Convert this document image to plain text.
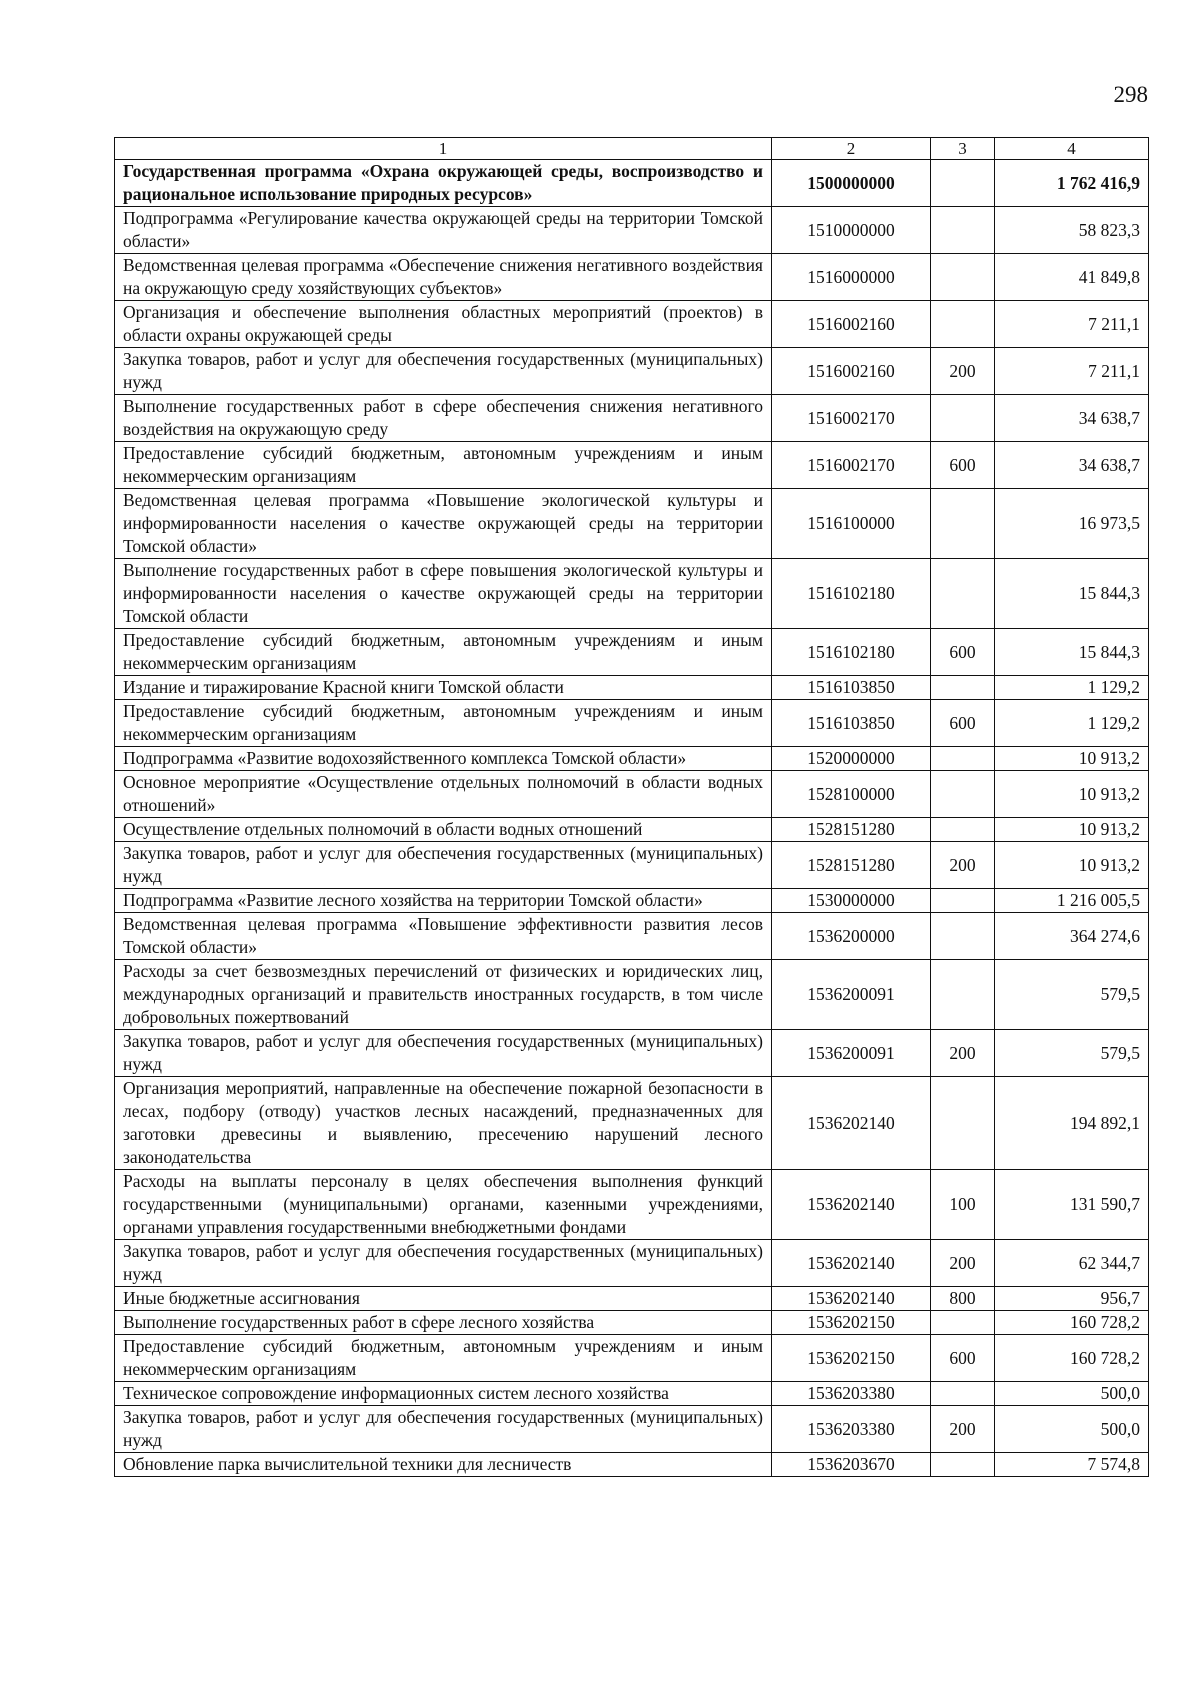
298
1	2	3	4
Государственная программа «Охрана окружающей среды, воспроизводство и рациональное использование природных ресурсов»	1500000000		1 762 416,9
Подпрограмма «Регулирование качества окружающей среды на территории Томской области»	1510000000		58 823,3
Ведомственная целевая программа «Обеспечение снижения негативного воздействия на окружающую среду хозяйствующих субъектов»	1516000000		41 849,8
Организация и обеспечение выполнения областных мероприятий (проектов) в области охраны окружающей среды	1516002160		7 211,1
Закупка товаров, работ и услуг для обеспечения государственных (муниципальных) нужд	1516002160	200	7 211,1
Выполнение государственных работ в сфере обеспечения снижения негативного воздействия на окружающую среду	1516002170		34 638,7
Предоставление субсидий бюджетным, автономным учреждениям и иным некоммерческим организациям	1516002170	600	34 638,7
Ведомственная целевая программа «Повышение экологической культуры и информированности населения о качестве окружающей среды на территории Томской области»	1516100000		16 973,5
Выполнение государственных работ в сфере повышения экологической культуры и информированности населения о качестве окружающей среды на территории Томской области	1516102180		15 844,3
Предоставление субсидий бюджетным, автономным учреждениям и иным некоммерческим организациям	1516102180	600	15 844,3
Издание и тиражирование Красной книги Томской области	1516103850		1 129,2
Предоставление субсидий бюджетным, автономным учреждениям и иным некоммерческим организациям	1516103850	600	1 129,2
Подпрограмма «Развитие водохозяйственного комплекса Томской области»	1520000000		10 913,2
Основное мероприятие «Осуществление отдельных полномочий в области водных отношений»	1528100000		10 913,2
Осуществление отдельных полномочий в области водных отношений	1528151280		10 913,2
Закупка товаров, работ и услуг для обеспечения государственных (муниципальных) нужд	1528151280	200	10 913,2
Подпрограмма «Развитие лесного хозяйства на территории Томской области»	1530000000		1 216 005,5
Ведомственная целевая программа «Повышение эффективности развития лесов Томской области»	1536200000		364 274,6
Расходы за счет безвозмездных перечислений от физических и юридических лиц, международных организаций и правительств иностранных государств, в том числе добровольных пожертвований	1536200091		579,5
Закупка товаров, работ и услуг для обеспечения государственных (муниципальных) нужд	1536200091	200	579,5
Организация мероприятий, направленные на обеспечение пожарной безопасности в лесах, подбору (отводу) участков лесных насаждений, предназначенных для заготовки древесины и выявлению, пресечению нарушений лесного законодательства	1536202140		194 892,1
Расходы на выплаты персоналу в целях обеспечения выполнения функций государственными (муниципальными) органами, казенными учреждениями, органами управления государственными внебюджетными фондами	1536202140	100	131 590,7
Закупка товаров, работ и услуг для обеспечения государственных (муниципальных) нужд	1536202140	200	62 344,7
Иные бюджетные ассигнования	1536202140	800	956,7
Выполнение государственных работ в сфере лесного хозяйства	1536202150		160 728,2
Предоставление субсидий бюджетным, автономным учреждениям и иным некоммерческим организациям	1536202150	600	160 728,2
Техническое сопровождение информационных систем лесного хозяйства	1536203380		500,0
Закупка товаров, работ и услуг для обеспечения государственных (муниципальных) нужд	1536203380	200	500,0
Обновление парка вычислительной техники для лесничеств	1536203670		7 574,8
